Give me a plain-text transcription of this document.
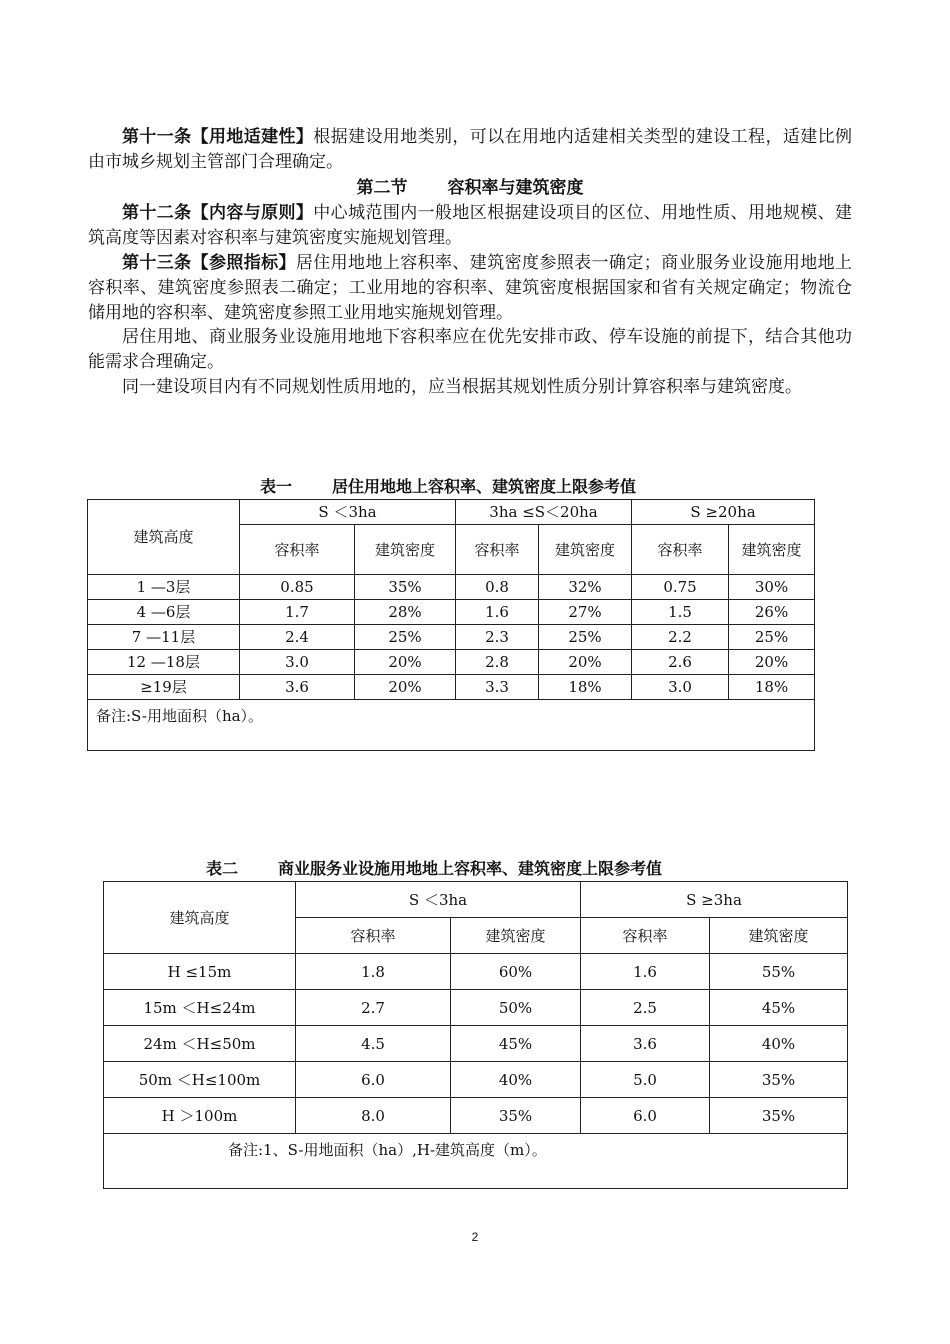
第十一条【用地适建性】根据建设用地类别，可以在用地内适建相关类型的建设工程，适建比例由市城乡规划主管部门合理确定。

第二节 容积率与建筑密度

第十二条【内容与原则】中心城范围内一般地区根据建设项目的区位、用地性质、用地规模、建筑高度等因素对容积率与建筑密度实施规划管理。

第十三条【参照指标】居住用地地上容积率、建筑密度参照表一确定；商业服务业设施用地地上容积率、建筑密度参照表二确定；工业用地的容积率、建筑密度根据国家和省有关规定确定；物流仓储用地的容积率、建筑密度参照工业用地实施规划管理。

居住用地、商业服务业设施用地地下容积率应在优先安排市政、停车设施的前提下，结合其他功能需求合理确定。

同一建设项目内有不同规划性质用地的，应当根据其规划性质分别计算容积率与建筑密度。

表一	居住用地地上容积率、建筑密度上限参考值

建筑高度	S ＜3ha		3ha ≤S＜20ha		S ≥20ha	
	容积率	建筑密度	容积率	建筑密度	容积率	建筑密度
1 —3层	0.85	35%	0.8	32%	0.75	30%
4 —6层	1.7	28%	1.6	27%	1.5	26%
7 —11层	2.4	25%	2.3	25%	2.2	25%
12 —18层	3.0	20%	2.8	20%	2.6	20%
≥19层	3.6	20%	3.3	18%	3.0	18%
备注:S-用地面积（ha）。						

表二	商业服务业设施用地地上容积率、建筑密度上限参考值

建筑高度	S ＜3ha		S ≥3ha	
	容积率	建筑密度	容积率	建筑密度
H ≤15m	1.8	60%	1.6	55%
15m ＜H≤24m	2.7	50%	2.5	45%
24m ＜H≤50m	4.5	45%	3.6	40%
50m ＜H≤100m	6.0	40%	5.0	35%
H ＞100m	8.0	35%	6.0	35%
备注:1、S-用地面积（ha）,H-建筑高度（m）。				
2
